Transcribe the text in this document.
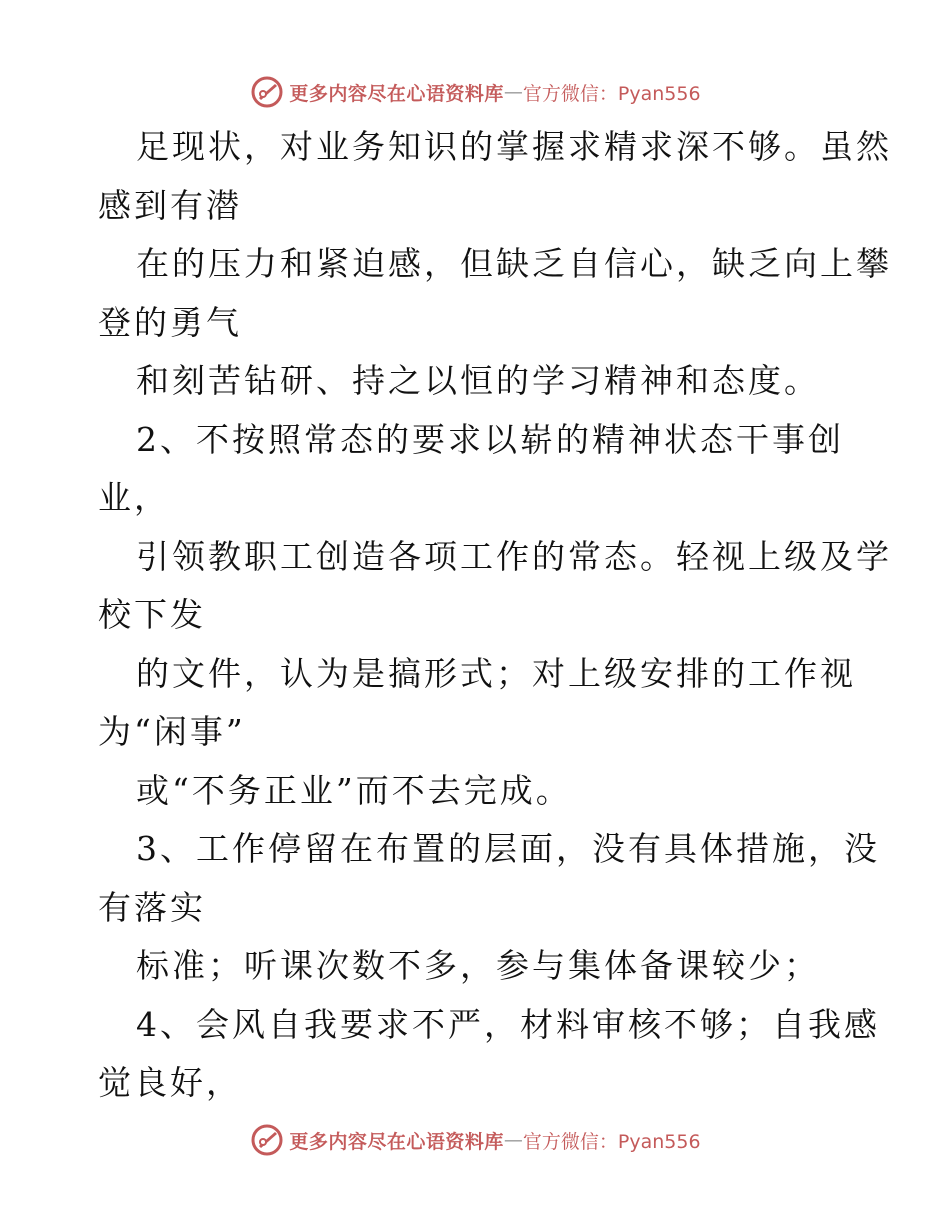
更多内容尽在心语资料库 — 官方微信：Pyan556
足现状，对业务知识的掌握求精求深不够。虽然
感到有潜
在的压力和紧迫感，但缺乏自信心，缺乏向上攀
登的勇气
和刻苦钻研、持之以恒的学习精神和态度。
2、不按照常态的要求以崭的精神状态干事创
业，
引领教职工创造各项工作的常态。轻视上级及学
校下发
的文件，认为是搞形式；对上级安排的工作视
为“闲事”
或“不务正业”而不去完成。
3、工作停留在布置的层面，没有具体措施，没
有落实
标准；听课次数不多，参与集体备课较少；
4、会风自我要求不严，材料审核不够；自我感
觉良好，
更多内容尽在心语资料库 — 官方微信：Pyan556
